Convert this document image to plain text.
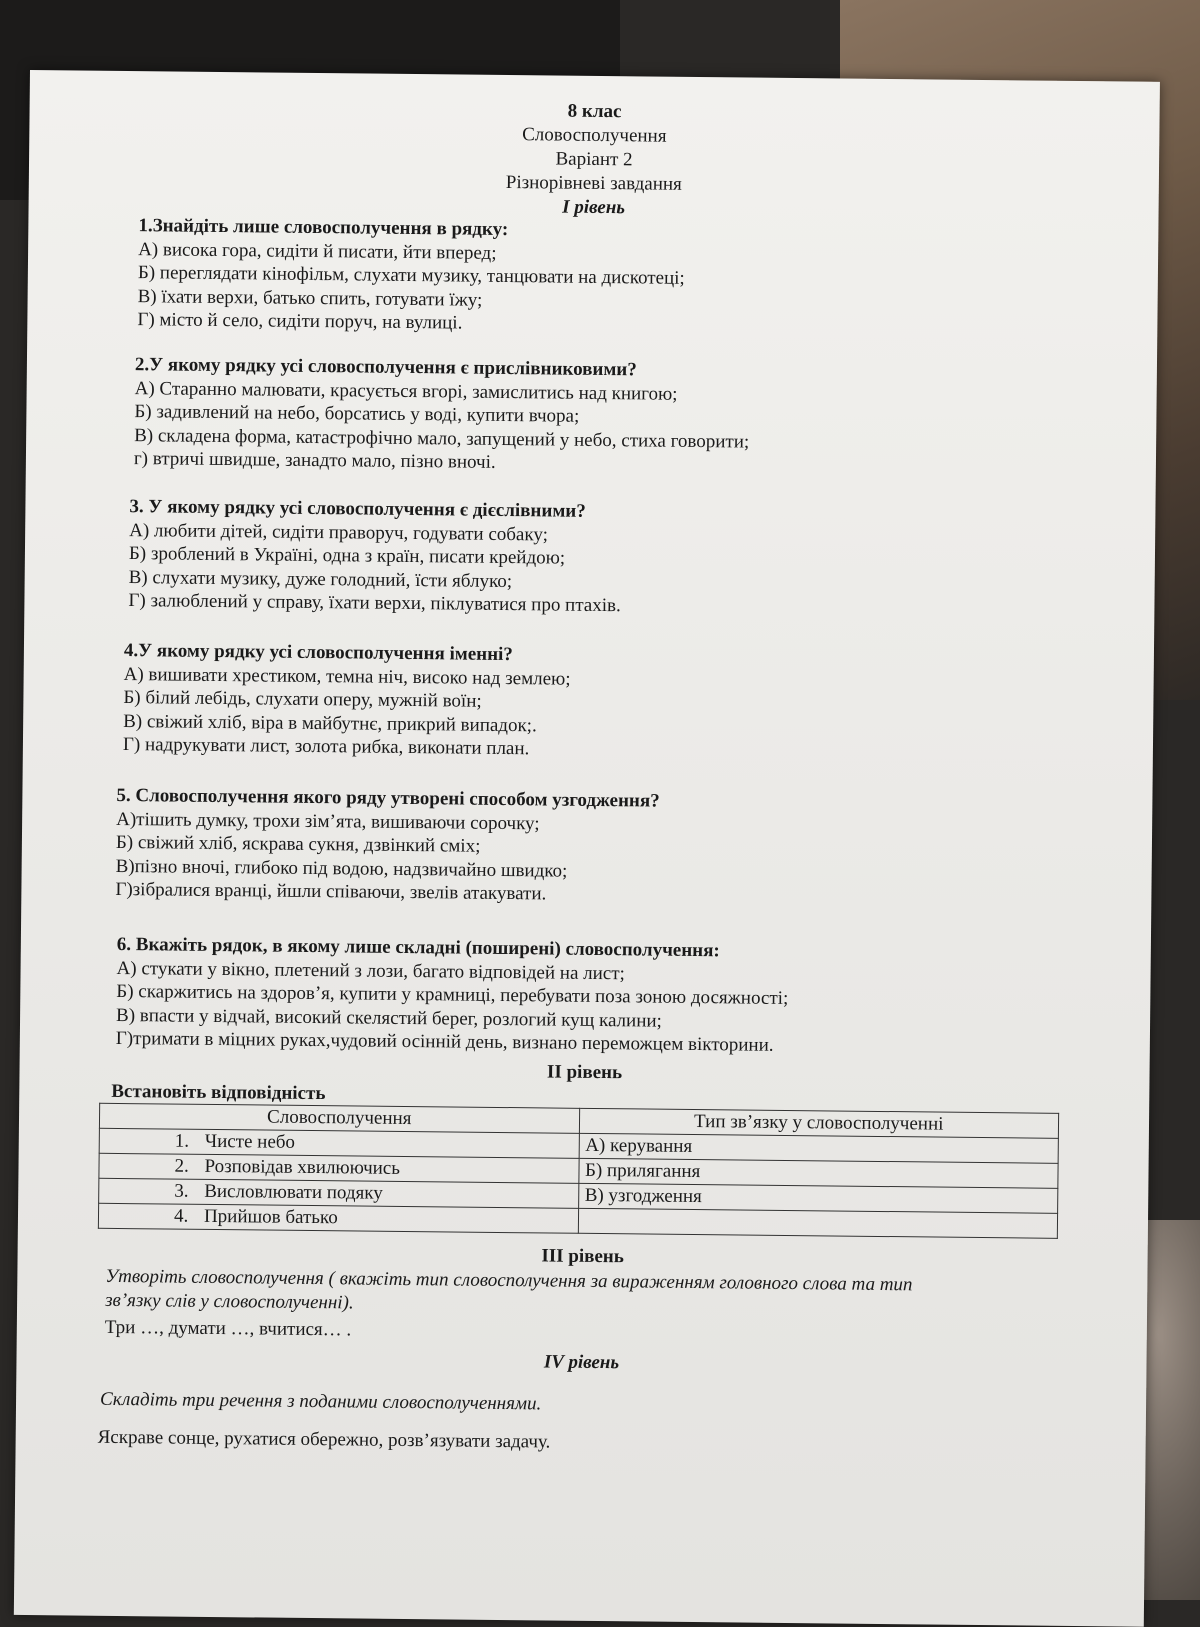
8 клас
Словосполучення
Варіант 2
Різнорівневі завдання
I рівень
1.Знайдіть лише словосполучення в рядку:
А) висока гора, сидіти й писати, йти вперед;
Б) переглядати кінофільм, слухати музику, танцювати на дискотеці;
В) їхати верхи, батько спить, готувати їжу;
Г) місто й село, сидіти поруч, на вулиці.
2.У якому рядку усі словосполучення є прислівниковими?
А) Старанно малювати, красується вгорі, замислитись над книгою;
Б) задивлений на небо, борсатись у воді, купити вчора;
В) складена форма, катастрофічно мало, запущений у небо, стиха говорити;
г) втричі швидше, занадто мало, пізно вночі.
3. У якому рядку усі словосполучення є дієслівними?
А) любити дітей, сидіти праворуч, годувати собаку;
Б) зроблений в Україні, одна з країн, писати крейдою;
В) слухати музику, дуже голодний, їсти яблуко;
Г) залюблений у справу, їхати верхи, піклуватися про птахів.
4.У якому рядку усі словосполучення іменні?
А) вишивати хрестиком, темна ніч, високо над землею;
Б) білий лебідь, слухати оперу, мужній воїн;
В) свіжий хліб, віра в майбутнє, прикрий випадок;.
Г) надрукувати лист, золота рибка, виконати план.
5. Словосполучення якого ряду утворені способом узгодження?
А)тішить думку, трохи зім’ята, вишиваючи сорочку;
Б) свіжий хліб, яскрава сукня, дзвінкий сміх;
В)пізно вночі, глибоко під водою, надзвичайно швидко;
Г)зібралися вранці, йшли співаючи, звелів атакувати.
6. Вкажіть рядок, в якому лише складні (поширені) словосполучення:
А) стукати у вікно, плетений з лози, багато відповідей на лист;
Б) скаржитись на здоров’я, купити у крамниці, перебувати поза зоною досяжності;
В) впасти у відчай, високий скелястий берег, розлогий кущ калини;
Г)тримати в міцних руках,чудовий осінній день, визнано переможцем вікторини.
II рівень
Встановіть відповідність
Словосполучення	Тип зв’язку у словосполученні
1. Чисте небо	А) керування
2. Розповідав хвилюючись	Б) прилягання
3. Висловлювати подяку	В) узгодження
4. Прийшов батько	
III рівень
Утворіть словосполучення ( вкажіть тип словосполучення за вираженням головного слова та тип
зв’язку слів у словосполученні).
Три …, думати …, вчитися… .
IV рівень
Складіть три речення з поданими словосполученнями.
Яскраве сонце, рухатися обережно, розв’язувати задачу.
